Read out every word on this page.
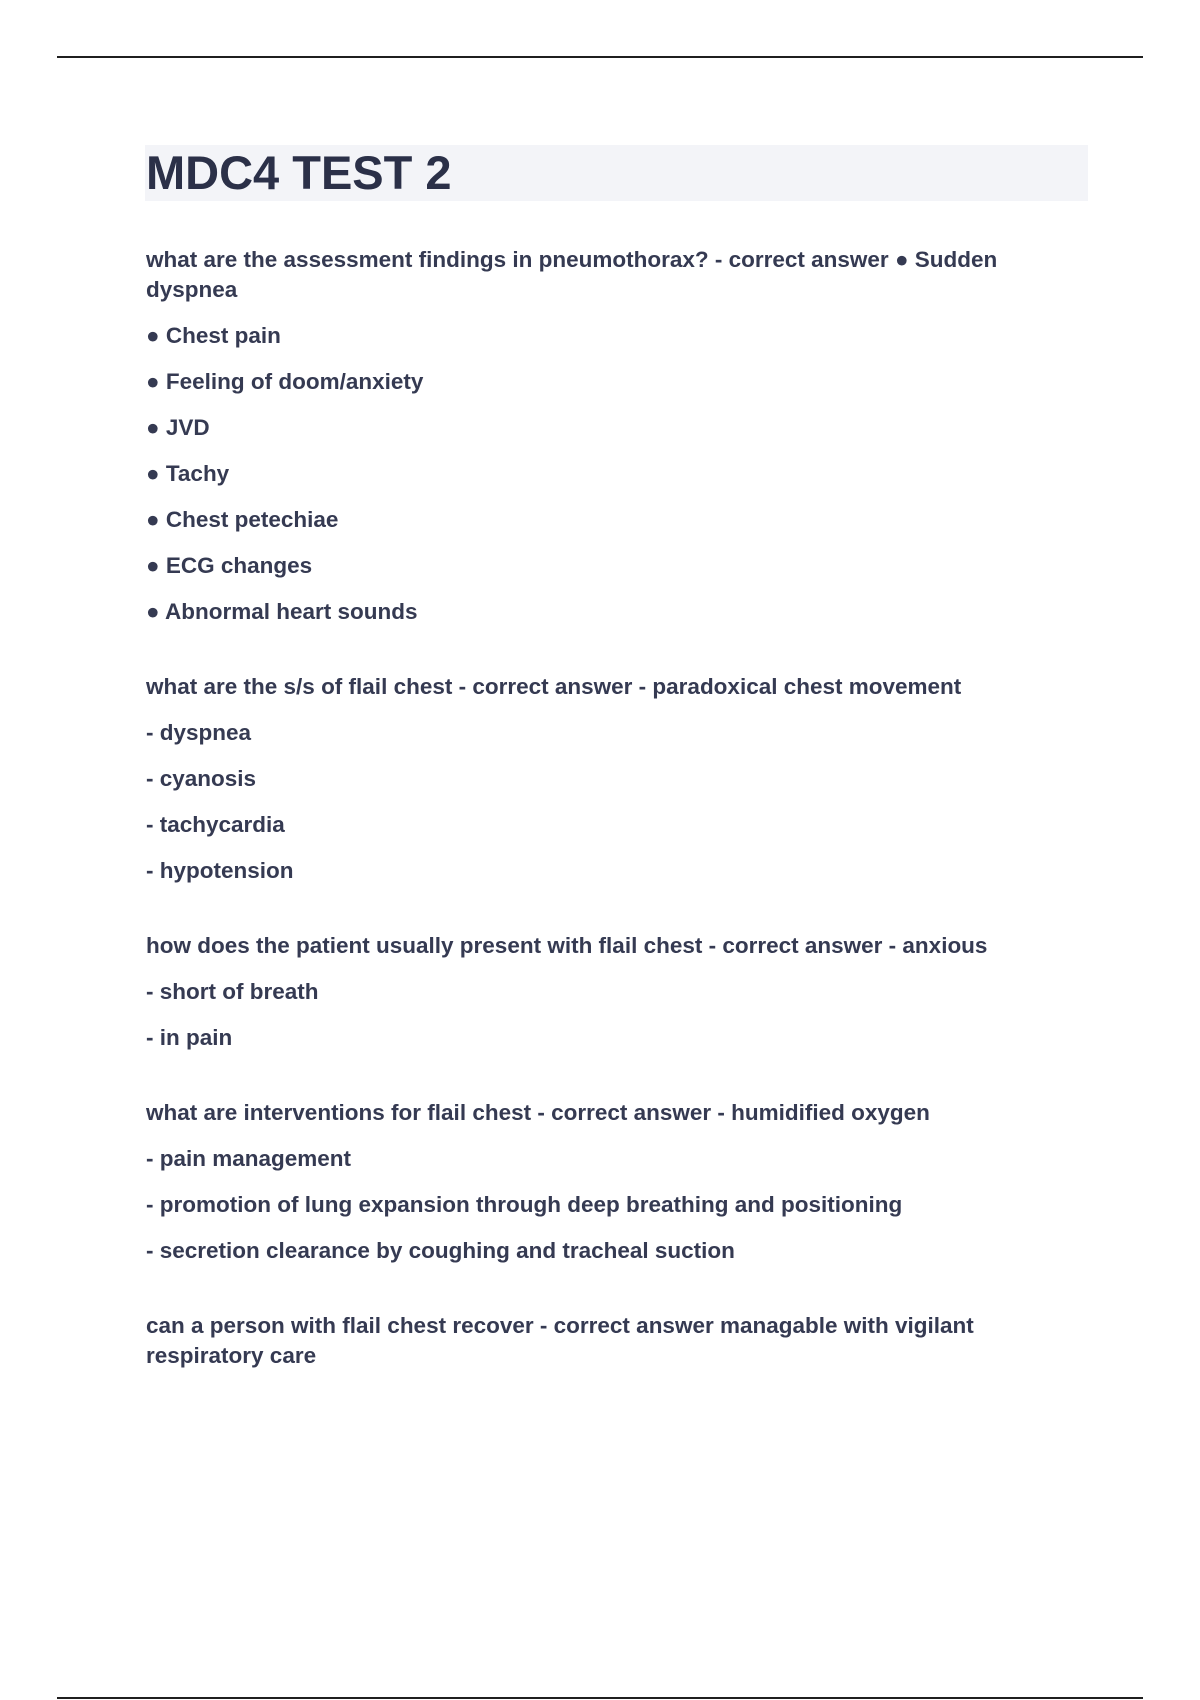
MDC4 TEST 2

what are the assessment findings in pneumothorax? - correct answer ● Sudden dyspnea

● Chest pain

● Feeling of doom/anxiety

● JVD

● Tachy

● Chest petechiae

● ECG changes

● Abnormal heart sounds

what are the s/s of flail chest - correct answer - paradoxical chest movement

- dyspnea

- cyanosis

- tachycardia

- hypotension

how does the patient usually present with flail chest - correct answer - anxious

- short of breath

- in pain

what are interventions for flail chest - correct answer - humidified oxygen

- pain management

- promotion of lung expansion through deep breathing and positioning

- secretion clearance by coughing and tracheal suction

can a person with flail chest recover - correct answer managable with vigilant respiratory care
